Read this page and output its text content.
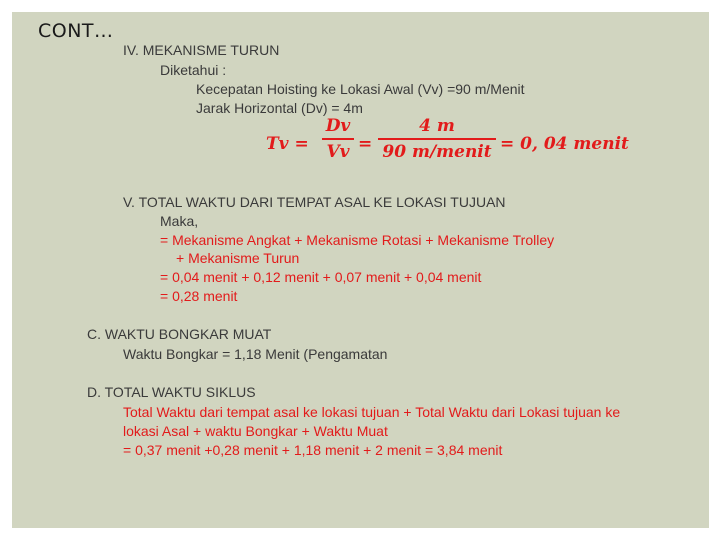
CONT…
IV. MEKANISME TURUN
Diketahui :
Kecepatan Hoisting ke Lokasi Awal (Vv) =90 m/Menit
Jarak Horizontal (Dv) = 4m
Tv =
Dv
Vv =
4 m
90 m/menit = 0, 04 menit
V. TOTAL WAKTU DARI TEMPAT ASAL KE LOKASI TUJUAN
Maka,
= Mekanisme Angkat + Mekanisme Rotasi + Mekanisme Trolley
+ Mekanisme Turun
= 0,04 menit + 0,12 menit + 0,07 menit + 0,04 menit
= 0,28 menit
C. WAKTU BONGKAR MUAT
Waktu Bongkar = 1,18 Menit (Pengamatan
D. TOTAL WAKTU SIKLUS
Total Waktu dari tempat asal ke lokasi tujuan + Total Waktu dari Lokasi tujuan ke
lokasi Asal + waktu Bongkar + Waktu Muat
= 0,37 menit +0,28 menit + 1,18 menit + 2 menit = 3,84 menit
